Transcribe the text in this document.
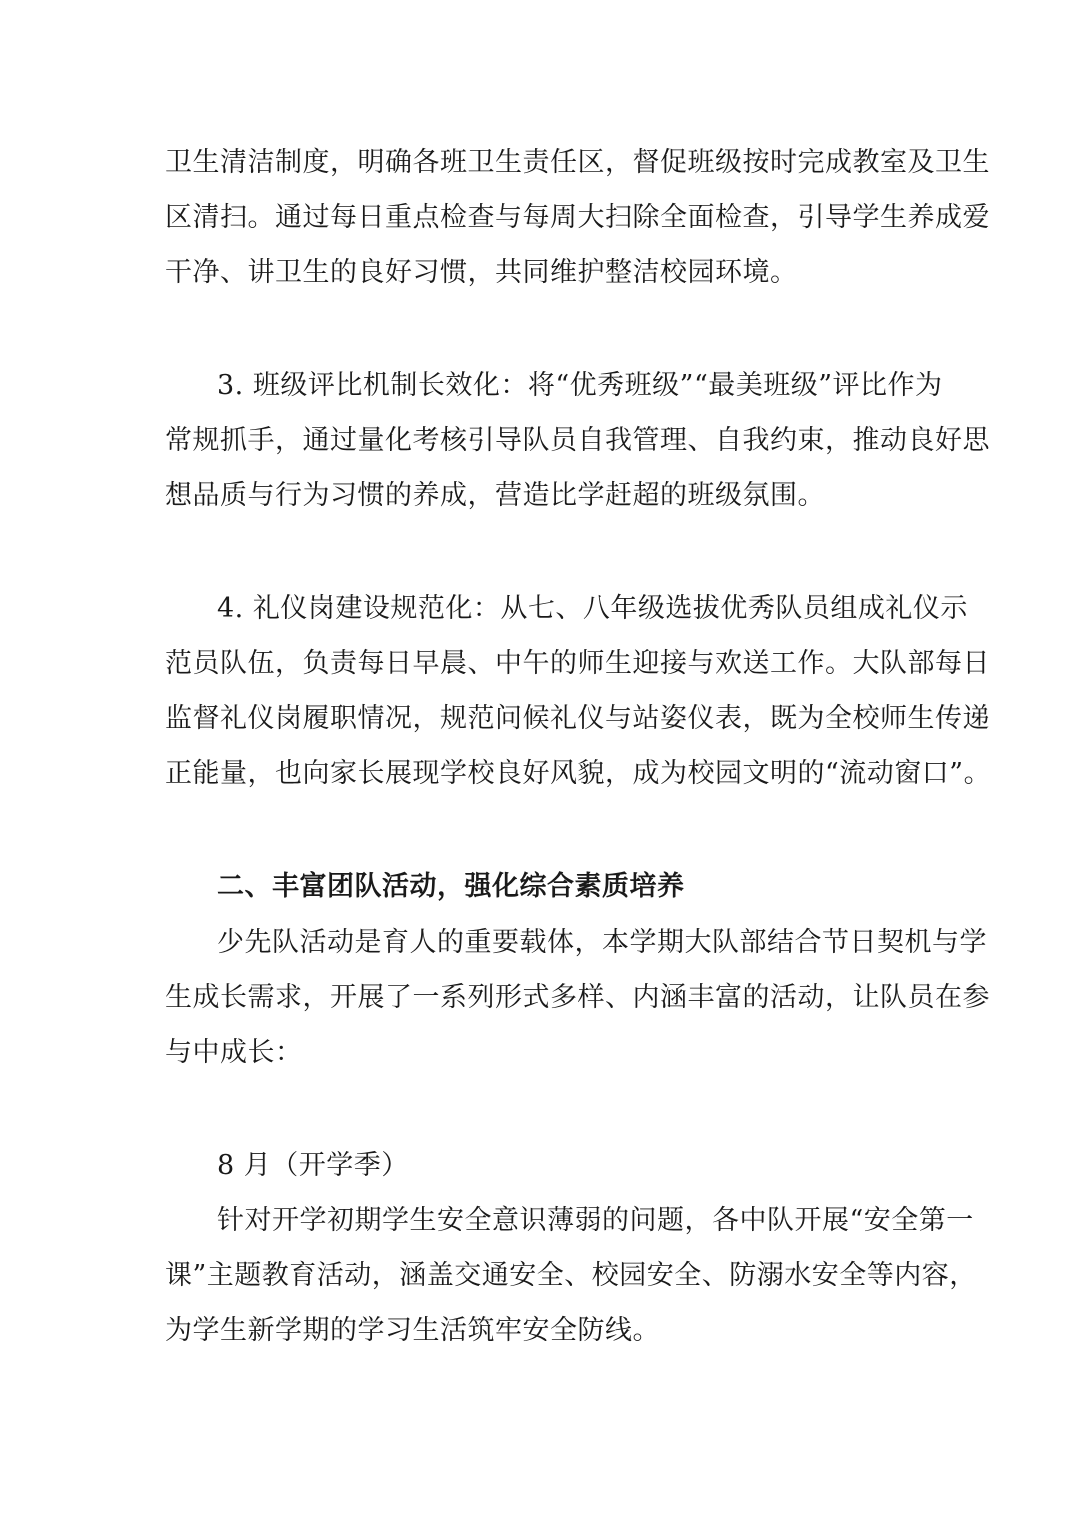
卫生清洁制度，明确各班卫生责任区，督促班级按时完成教室及卫生
区清扫。通过每日重点检查与每周大扫除全面检查，引导学生养成爱
干净、讲卫生的良好习惯，共同维护整洁校园环境。
3. 班级评比机制长效化：将“优秀班级”“最美班级”评比作为
常规抓手，通过量化考核引导队员自我管理、自我约束，推动良好思
想品质与行为习惯的养成，营造比学赶超的班级氛围。
4. 礼仪岗建设规范化：从七、八年级选拔优秀队员组成礼仪示
范员队伍，负责每日早晨、中午的师生迎接与欢送工作。大队部每日
监督礼仪岗履职情况，规范问候礼仪与站姿仪表，既为全校师生传递
正能量，也向家长展现学校良好风貌，成为校园文明的“流动窗口”。
二、丰富团队活动，强化综合素质培养
少先队活动是育人的重要载体，本学期大队部结合节日契机与学
生成长需求，开展了一系列形式多样、内涵丰富的活动，让队员在参
与中成长：
8 月（开学季）
针对开学初期学生安全意识薄弱的问题，各中队开展“安全第一
课”主题教育活动，涵盖交通安全、校园安全、防溺水安全等内容，
为学生新学期的学习生活筑牢安全防线。
